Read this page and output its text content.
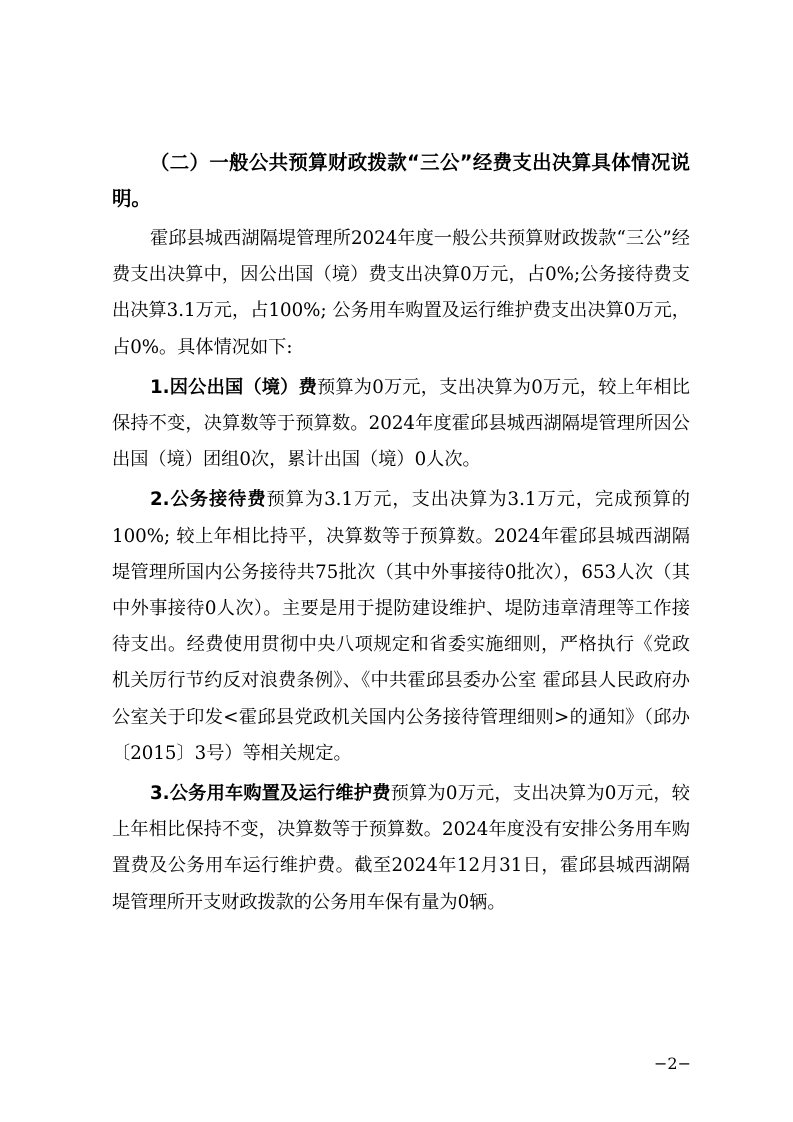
（二）一般公共预算财政拨款“三公”经费支出决算具体情况说明。

霍邱县城西湖隔堤管理所2024年度一般公共预算财政拨款“三公”经费支出决算中，因公出国（境）费支出决算0万元，占0%;公务接待费支出决算3.1万元，占100%; 公务用车购置及运行维护费支出决算0万元，占0%。具体情况如下:

1.因公出国（境）费预算为0万元，支出决算为0万元，较上年相比保持不变，决算数等于预算数。2024年度霍邱县城西湖隔堤管理所因公出国（境）团组0次，累计出国（境）0人次。

2.公务接待费预算为3.1万元，支出决算为3.1万元，完成预算的100%; 较上年相比持平，决算数等于预算数。2024年霍邱县城西湖隔堤管理所国内公务接待共75批次（其中外事接待0批次），653人次（其中外事接待0人次）。主要是用于提防建设维护、堤防违章清理等工作接待支出。经费使用贯彻中央八项规定和省委实施细则，严格执行《党政机关厉行节约反对浪费条例》、《中共霍邱县委办公室 霍邱县人民政府办公室关于印发<霍邱县党政机关国内公务接待管理细则>的通知》（邱办〔2015〕3号）等相关规定。

3.公务用车购置及运行维护费预算为0万元，支出决算为0万元，较上年相比保持不变，决算数等于预算数。2024年度没有安排公务用车购置费及公务用车运行维护费。截至2024年12月31日，霍邱县城西湖隔堤管理所开支财政拨款的公务用车保有量为0辆。

−2−
